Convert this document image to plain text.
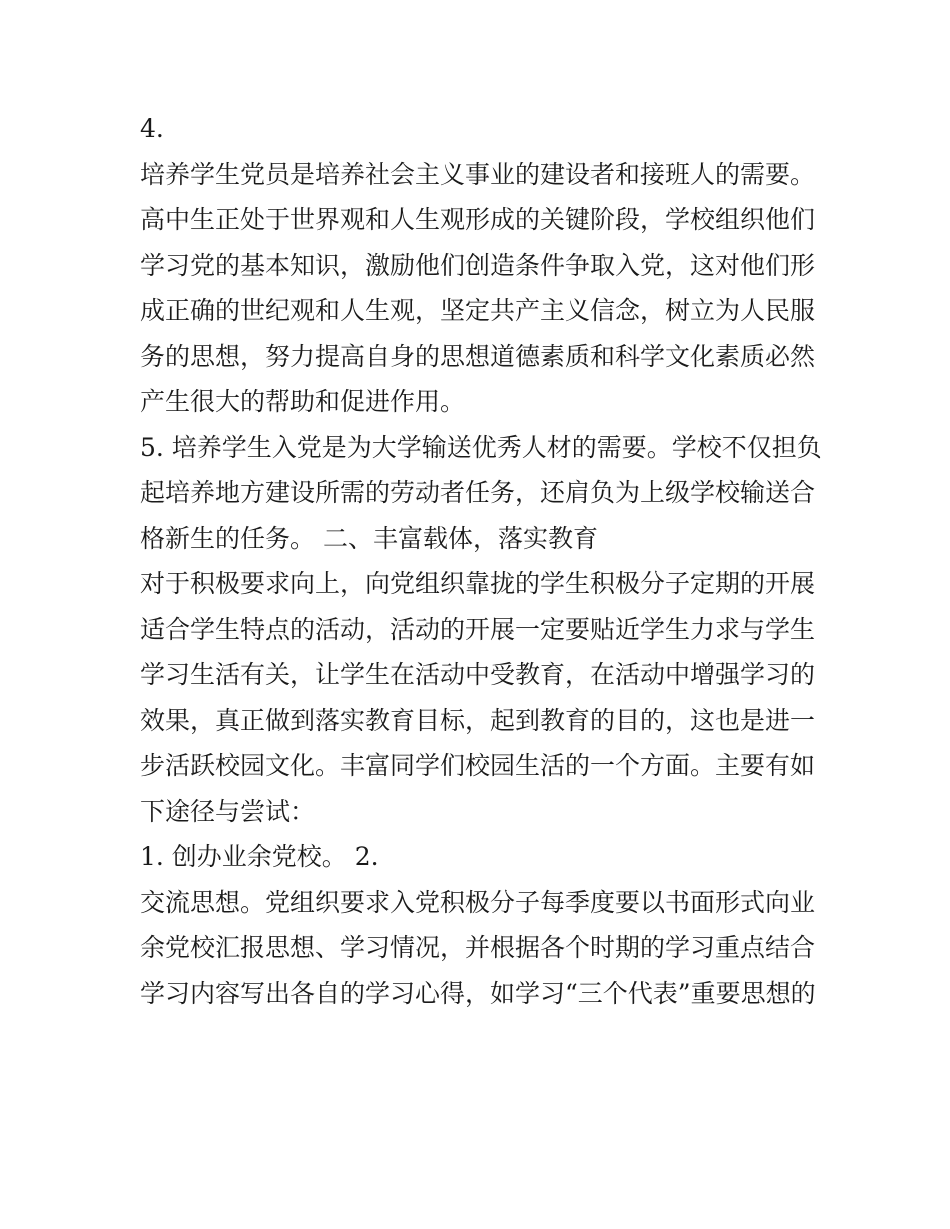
4.
培养学生党员是培养社会主义事业的建设者和接班人的需要。
高中生正处于世界观和人生观形成的关键阶段，学校组织他们
学习党的基本知识，激励他们创造条件争取入党，这对他们形
成正确的世纪观和人生观，坚定共产主义信念，树立为人民服
务的思想，努力提高自身的思想道德素质和科学文化素质必然
产生很大的帮助和促进作用。
5. 培养学生入党是为大学输送优秀人材的需要。学校不仅担负
起培养地方建设所需的劳动者任务，还肩负为上级学校输送合
格新生的任务。 二、丰富载体，落实教育
对于积极要求向上，向党组织靠拢的学生积极分子定期的开展
适合学生特点的活动，活动的开展一定要贴近学生力求与学生
学习生活有关，让学生在活动中受教育，在活动中增强学习的
效果，真正做到落实教育目标，起到教育的目的，这也是进一
步活跃校园文化。丰富同学们校园生活的一个方面。主要有如
下途径与尝试：
1. 创办业余党校。 2.
交流思想。党组织要求入党积极分子每季度要以书面形式向业
余党校汇报思想、学习情况，并根据各个时期的学习重点结合
学习内容写出各自的学习心得，如学习“三个代表”重要思想的
